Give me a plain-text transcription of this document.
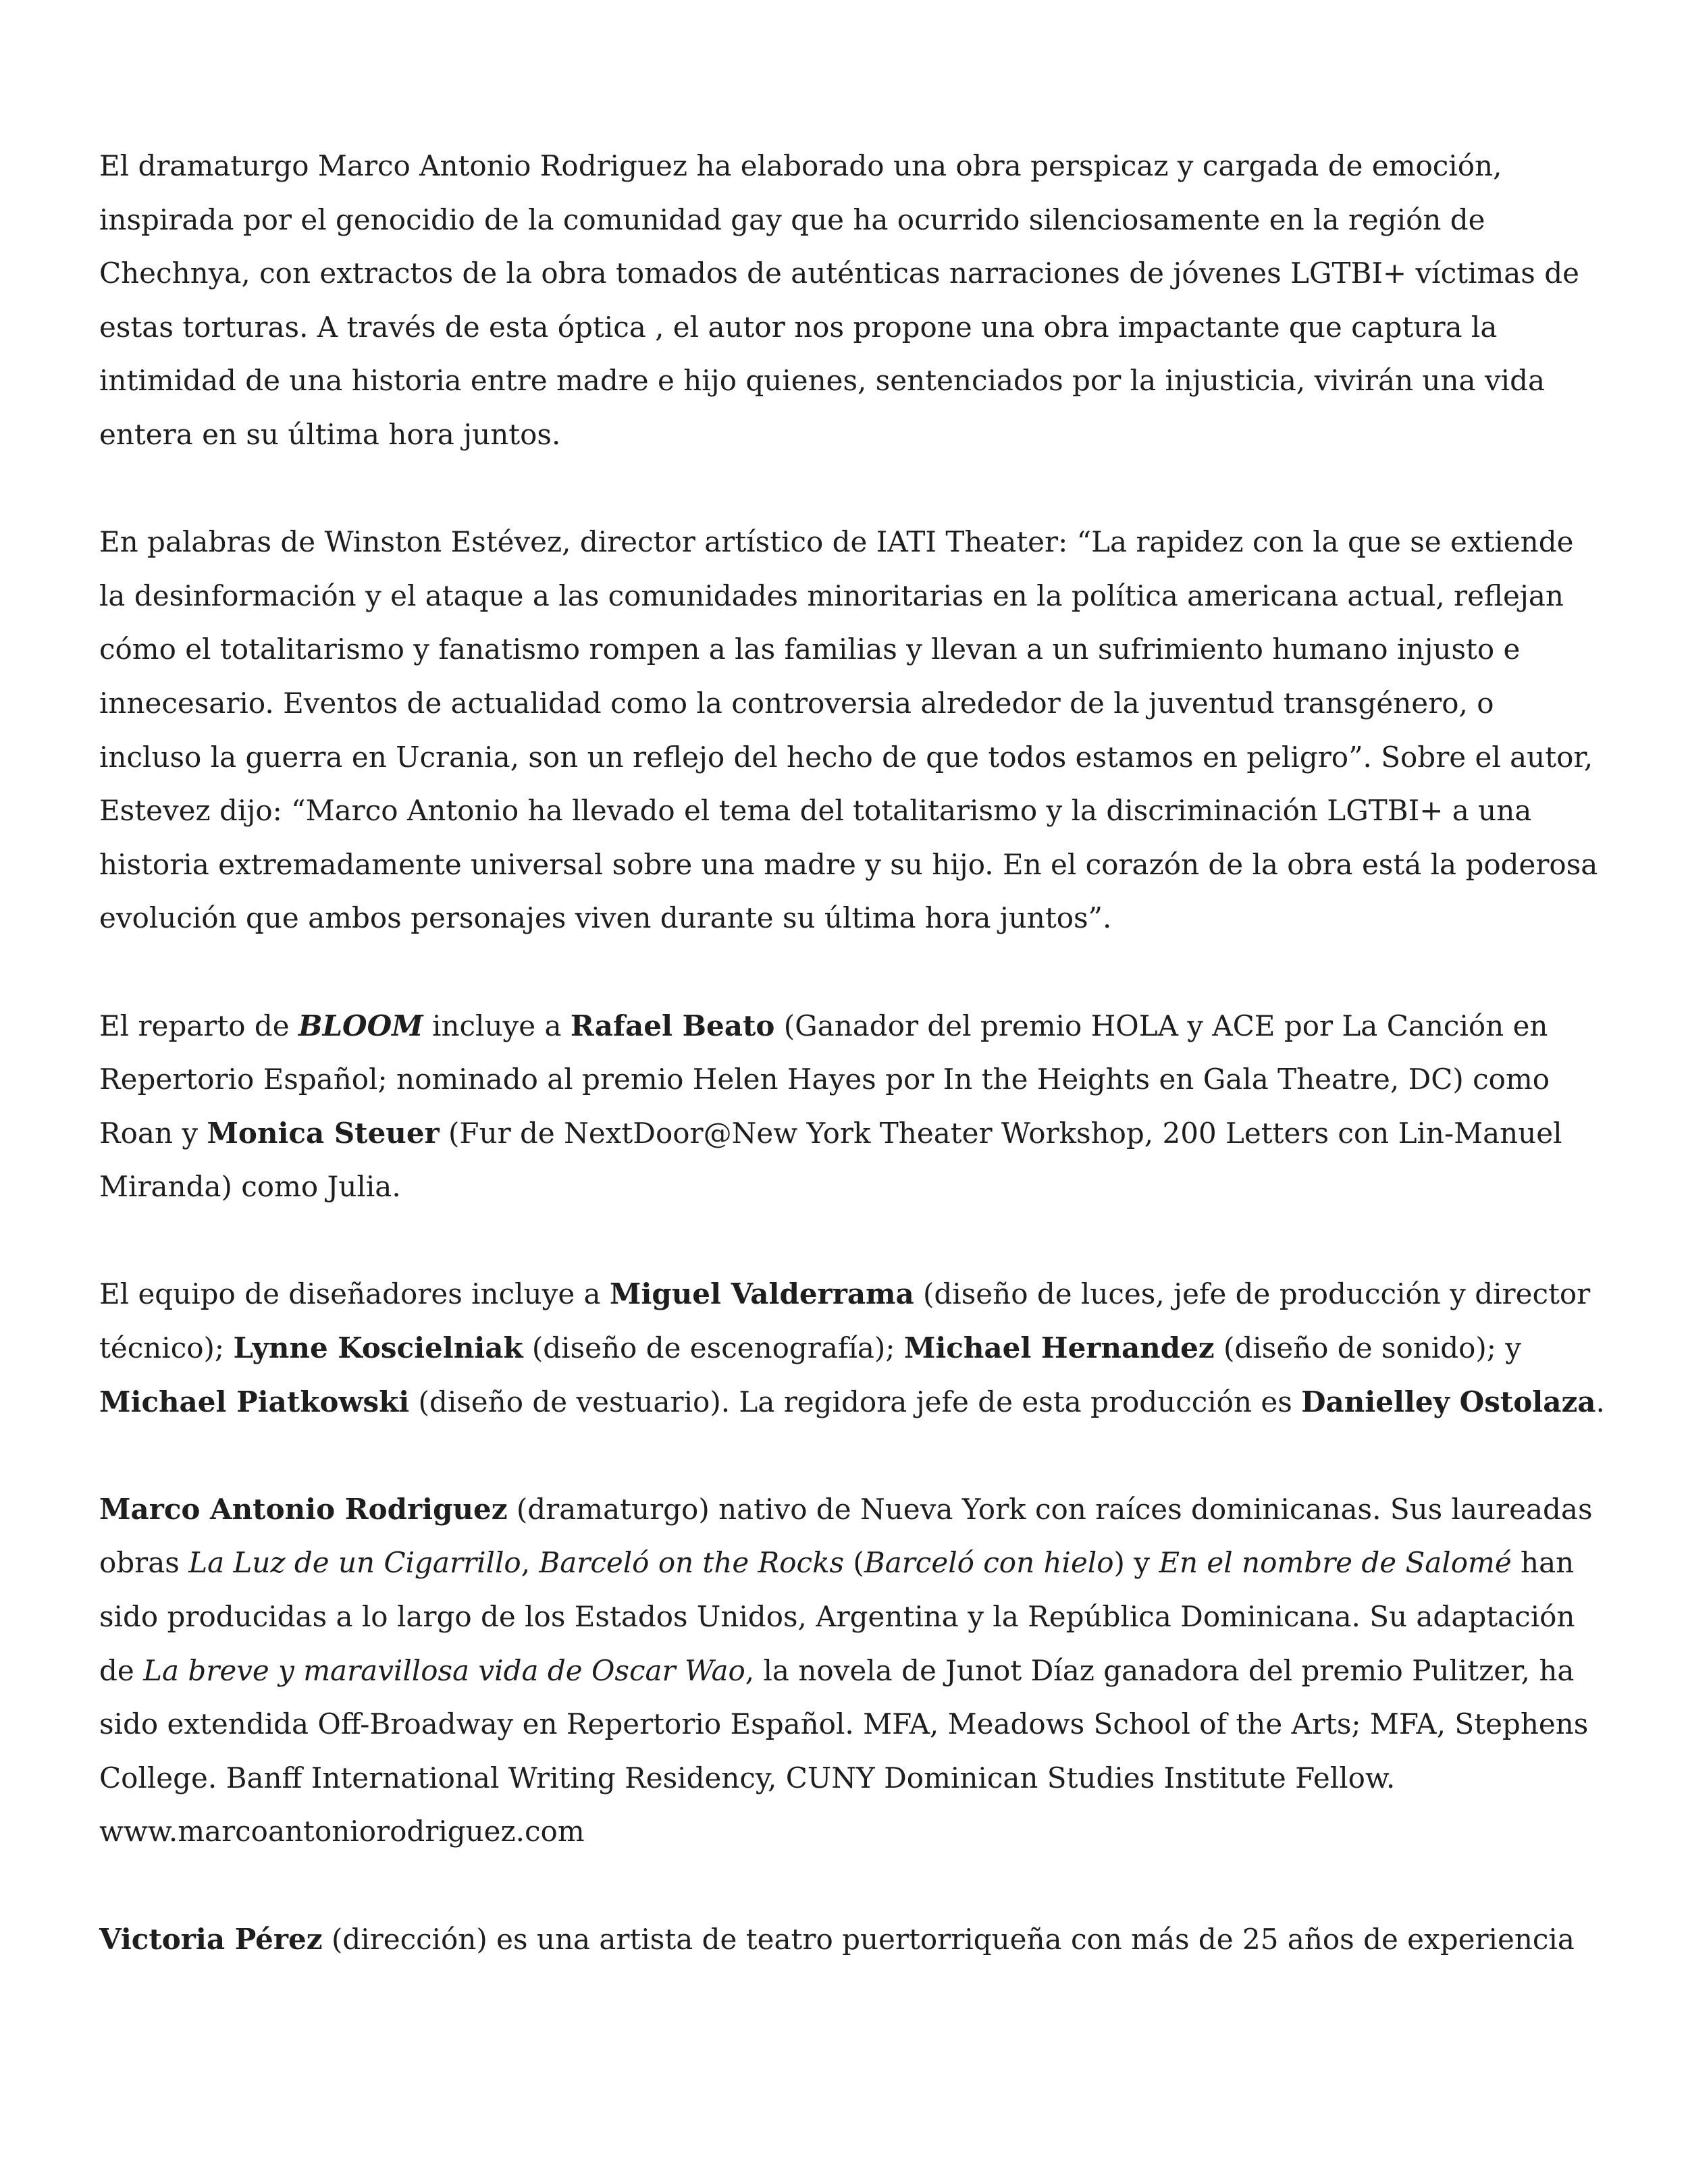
El dramaturgo Marco Antonio Rodriguez ha elaborado una obra perspicaz y cargada de emoción, inspirada por el genocidio de la comunidad gay que ha ocurrido silenciosamente en la región de Chechnya, con extractos de la obra tomados de auténticas narraciones de jóvenes LGTBI+ víctimas de estas torturas. A través de esta óptica , el autor nos propone una obra impactante que captura la intimidad de una historia entre madre e hijo quienes, sentenciados por la injusticia, vivirán una vida entera en su última hora juntos.

En palabras de Winston Estévez, director artístico de IATI Theater: “La rapidez con la que se extiende la desinformación y el ataque a las comunidades minoritarias en la política americana actual, reflejan cómo el totalitarismo y fanatismo rompen a las familias y llevan a un sufrimiento humano injusto e innecesario. Eventos de actualidad como la controversia alrededor de la juventud transgénero, o incluso la guerra en Ucrania, son un reflejo del hecho de que todos estamos en peligro”. Sobre el autor, Estevez dijo: “Marco Antonio ha llevado el tema del totalitarismo y la discriminación LGTBI+ a una historia extremadamente universal sobre una madre y su hijo. En el corazón de la obra está la poderosa evolución que ambos personajes viven durante su última hora juntos”.

El reparto de BLOOM incluye a Rafael Beato (Ganador del premio HOLA y ACE por La Canción en Repertorio Español; nominado al premio Helen Hayes por In the Heights en Gala Theatre, DC) como Roan y Monica Steuer (Fur de NextDoor@New York Theater Workshop, 200 Letters con Lin-Manuel Miranda) como Julia.

El equipo de diseñadores incluye a Miguel Valderrama (diseño de luces, jefe de producción y director técnico); Lynne Koscielniak (diseño de escenografía); Michael Hernandez (diseño de sonido); y Michael Piatkowski (diseño de vestuario). La regidora jefe de esta producción es Danielley Ostolaza.

Marco Antonio Rodriguez (dramaturgo) nativo de Nueva York con raíces dominicanas. Sus laureadas obras La Luz de un Cigarrillo, Barceló on the Rocks (Barceló con hielo) y En el nombre de Salomé han sido producidas a lo largo de los Estados Unidos, Argentina y la República Dominicana. Su adaptación de La breve y maravillosa vida de Oscar Wao, la novela de Junot Díaz ganadora del premio Pulitzer, ha sido extendida Off-Broadway en Repertorio Español. MFA, Meadows School of the Arts; MFA, Stephens College. Banff International Writing Residency, CUNY Dominican Studies Institute Fellow. www.marcoantoniorodriguez.com

Victoria Pérez (dirección) es una artista de teatro puertorriqueña con más de 25 años de experiencia
